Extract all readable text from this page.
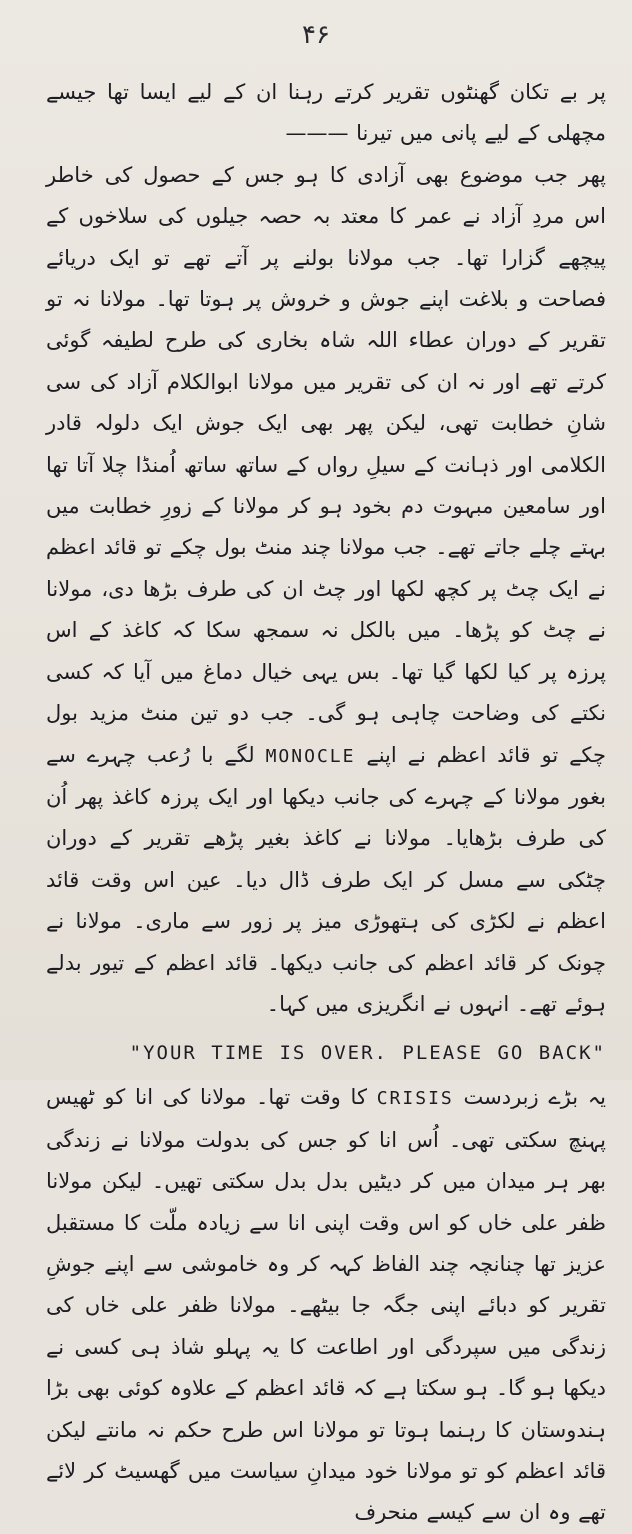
۴۶

پر بے تکان گھنٹوں تقریر کرتے رہنا ان کے لیے ایسا تھا جیسے مچھلی کے لیے پانی میں تیرنا ———

پھر جب موضوع بھی آزادی کا ہو جس کے حصول کی خاطر اس مردِ آزاد نے عمر کا معتد بہ حصہ جیلوں کی سلاخوں کے پیچھے گزارا تھا۔ جب مولانا بولنے پر آتے تھے تو ایک دریائے فصاحت و بلاغت اپنے جوش و خروش پر ہوتا تھا۔ مولانا نہ تو تقریر کے دوران عطاء اللہ شاہ بخاری کی طرح لطیفہ گوئی کرتے تھے اور نہ ان کی تقریر میں مولانا ابوالکلام آزاد کی سی شانِ خطابت تھی، لیکن پھر بھی ایک جوش ایک دلولہ قادر الکلامی اور ذہانت کے سیلِ رواں کے ساتھ ساتھ اُمنڈا چلا آتا تھا اور سامعین مبہوت دم بخود ہو کر مولانا کے زورِ خطابت میں بہتے چلے جاتے تھے۔ جب مولانا چند منٹ بول چکے تو قائد اعظم نے ایک چٹ پر کچھ لکھا اور چٹ ان کی طرف بڑھا دی، مولانا نے چٹ کو پڑھا۔ میں بالکل نہ سمجھ سکا کہ کاغذ کے اس پرزہ پر کیا لکھا گیا تھا۔ بس یہی خیال دماغ میں آیا کہ کسی نکتے کی وضاحت چاہی ہو گی۔ جب دو تین منٹ مزید بول چکے تو قائد اعظم نے اپنے MONOCLE لگے با رُعب چہرے سے بغور مولانا کے چہرے کی جانب دیکھا اور ایک پرزہ کاغذ پھر اُن کی طرف بڑھایا۔ مولانا نے کاغذ بغیر پڑھے تقریر کے دوران چٹکی سے مسل کر ایک طرف ڈال دیا۔ عین اس وقت قائد اعظم نے لکڑی کی ہتھوڑی میز پر زور سے ماری۔ مولانا نے چونک کر قائد اعظم کی جانب دیکھا۔ قائد اعظم کے تیور بدلے ہوئے تھے۔ انہوں نے انگریزی میں کہا۔

"YOUR TIME IS OVER. PLEASE GO BACK"

یہ بڑے زبردست CRISIS کا وقت تھا۔ مولانا کی انا کو ٹھیس پہنچ سکتی تھی۔ اُس انا کو جس کی بدولت مولانا نے زندگی بھر ہر میدان میں کر دیٹیں بدل بدل سکتی تھیں۔ لیکن مولانا ظفر علی خاں کو اس وقت اپنی انا سے زیادہ ملّت کا مستقبل عزیز تھا چنانچہ چند الفاظ کہہ کر وہ خاموشی سے اپنے جوشِ تقریر کو دبائے اپنی جگہ جا بیٹھے۔ مولانا ظفر علی خاں کی زندگی میں سپردگی اور اطاعت کا یہ پہلو شاذ ہی کسی نے دیکھا ہو گا۔ ہو سکتا ہے کہ قائد اعظم کے علاوہ کوئی بھی بڑا ہندوستان کا رہنما ہوتا تو مولانا اس طرح حکم نہ مانتے لیکن قائد اعظم کو تو مولانا خود میدانِ سیاست میں گھسیٹ کر لائے تھے وہ ان سے کیسے منحرف
